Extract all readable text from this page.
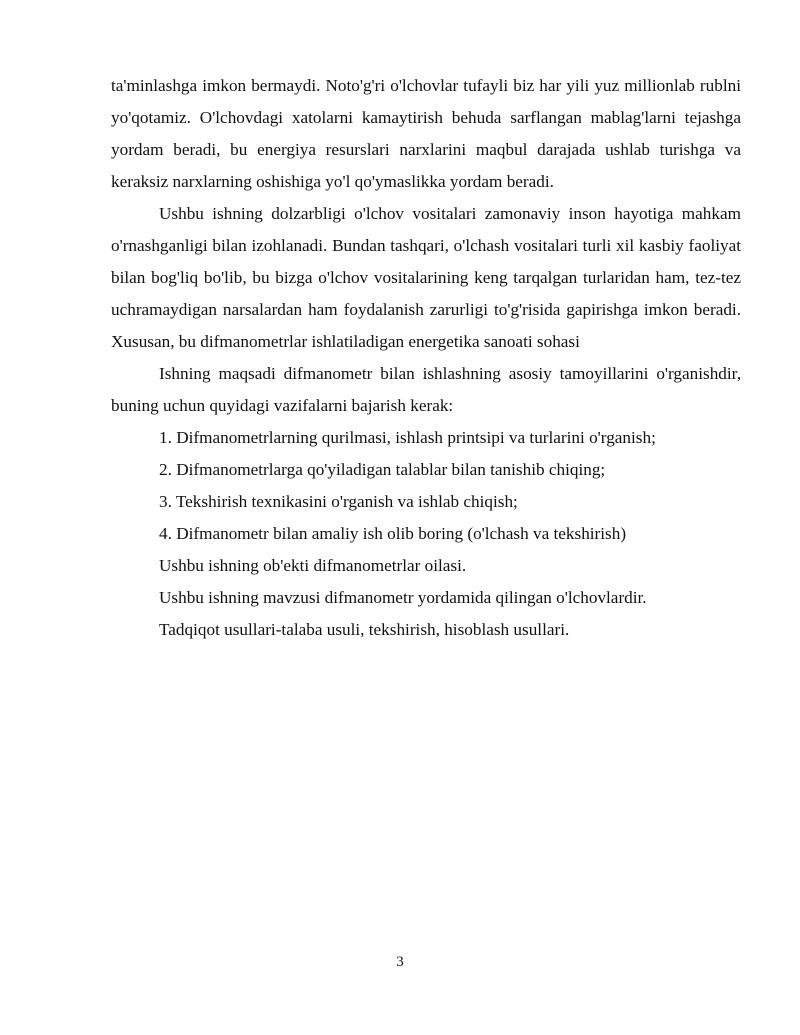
ta'minlashga imkon bermaydi. Noto'g'ri o'lchovlar tufayli biz har yili yuz millionlab rublni yo'qotamiz. O'lchovdagi xatolarni kamaytirish behuda sarflangan mablag'larni tejashga yordam beradi, bu energiya resurslari narxlarini maqbul darajada ushlab turishga va keraksiz narxlarning oshishiga yo'l qo'ymaslikka yordam beradi.

Ushbu ishning dolzarbligi o'lchov vositalari zamonaviy inson hayotiga mahkam o'rnashganligi bilan izohlanadi. Bundan tashqari, o'lchash vositalari turli xil kasbiy faoliyat bilan bog'liq bo'lib, bu bizga o'lchov vositalarining keng tarqalgan turlaridan ham, tez-tez uchramaydigan narsalardan ham foydalanish zarurligi to'g'risida gapirishga imkon beradi. Xususan, bu difmanometrlar ishlatiladigan energetika sanoati sohasi

Ishning maqsadi difmanometr bilan ishlashning asosiy tamoyillarini o'rganishdir, buning uchun quyidagi vazifalarni bajarish kerak:

1. Difmanometrlarning qurilmasi, ishlash printsipi va turlarini o'rganish;

2. Difmanometrlarga qo'yiladigan talablar bilan tanishib chiqing;

3. Tekshirish texnikasini o'rganish va ishlab chiqish;

4. Difmanometr bilan amaliy ish olib boring (o'lchash va tekshirish)

Ushbu ishning ob'ekti difmanometrlar oilasi.

Ushbu ishning mavzusi difmanometr yordamida qilingan o'lchovlardir.

Tadqiqot usullari-talaba usuli, tekshirish, hisoblash usullari.

3
